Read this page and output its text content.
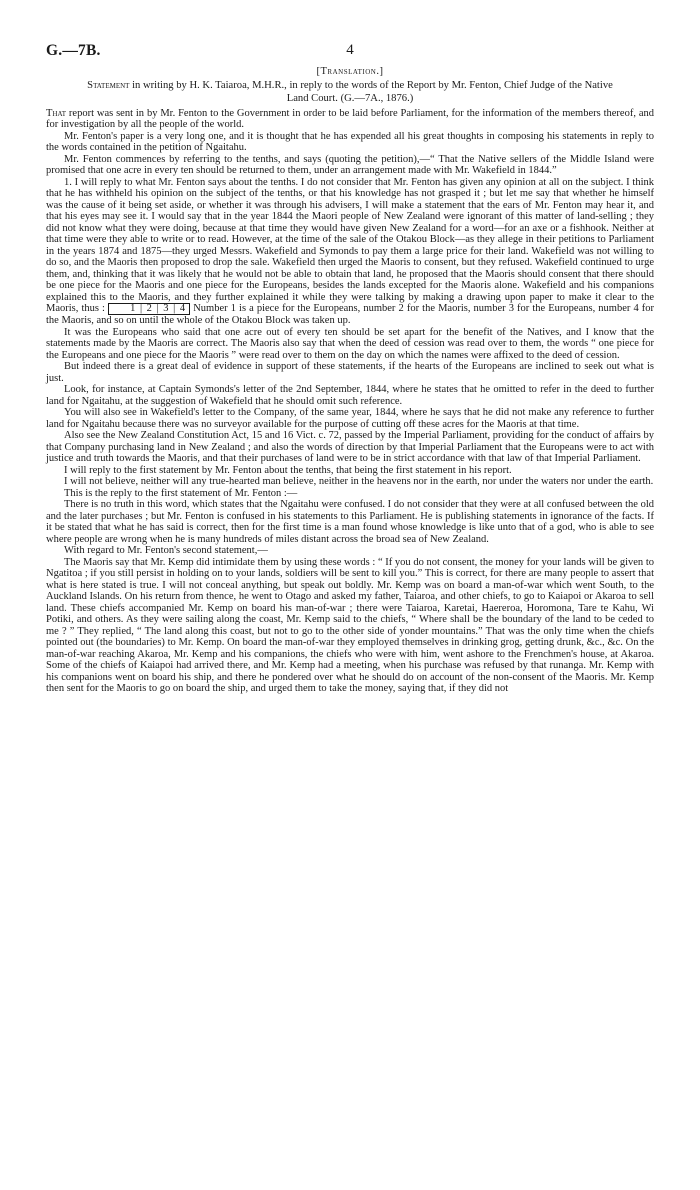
G.—7B.	4
[Translation.]
Statement in writing by H. K. Taiaroa, M.H.R., in reply to the words of the Report by Mr. Fenton, Chief Judge of the Native Land Court. (G.—7A., 1876.)

That report was sent in by Mr. Fenton to the Government in order to be laid before Parliament, for the information of the members thereof, and for investigation by all the people of the world.

Mr. Fenton's paper is a very long one, and it is thought that he has expended all his great thoughts in composing his statements in reply to the words contained in the petition of Ngaitahu.

Mr. Fenton commences by referring to the tenths, and says (quoting the petition),—“ That the Native sellers of the Middle Island were promised that one acre in every ten should be returned to them, under an arrangement made with Mr. Wakefield in 1844.”

1. I will reply to what Mr. Fenton says about the tenths. I do not consider that Mr. Fenton has given any opinion at all on the subject. I think that he has withheld his opinion on the subject of the tenths, or that his knowledge has not grasped it ; but let me say that whether he himself was the cause of it being set aside, or whether it was through his advisers, I will make a statement that the ears of Mr. Fenton may hear it, and that his eyes may see it. I would say that in the year 1844 the Maori people of New Zealand were ignorant of this matter of land-selling ; they did not know what they were doing, because at that time they would have given New Zealand for a word—for an axe or a fishhook. Neither at that time were they able to write or to read. However, at the time of the sale of the Otakou Block—as they allege in their petitions to Parliament in the years 1874 and 1875—they urged Messrs. Wakefield and Symonds to pay them a large price for their land. Wakefield was not willing to do so, and the Maoris then proposed to drop the sale. Wakefield then urged the Maoris to consent, but they refused. Wakefield continued to urge them, and, thinking that it was likely that he would not be able to obtain that land, he proposed that the Maoris should consent that there should be one piece for the Maoris and one piece for the Europeans, besides the lands excepted for the Maoris alone. Wakefield and his companions explained this to the Maoris, and they further explained it while they were talking by making a drawing upon paper to make it clear to the Maoris, thus : 1 | 2 | 3 | 4 Number 1 is a piece for the Europeans, number 2 for the Maoris, number 3 for the Europeans, number 4 for the Maoris, and so on until the whole of the Otakou Block was taken up.

It was the Europeans who said that one acre out of every ten should be set apart for the benefit of the Natives, and I know that the statements made by the Maoris are correct. The Maoris also say that when the deed of cession was read over to them, the words “ one piece for the Europeans and one piece for the Maoris ” were read over to them on the day on which the names were affixed to the deed of cession.

But indeed there is a great deal of evidence in support of these statements, if the hearts of the Europeans are inclined to seek out what is just.

Look, for instance, at Captain Symonds's letter of the 2nd September, 1844, where he states that he omitted to refer in the deed to further land for Ngaitahu, at the suggestion of Wakefield that he should omit such reference.

You will also see in Wakefield's letter to the Company, of the same year, 1844, where he says that he did not make any reference to further land for Ngaitahu because there was no surveyor available for the purpose of cutting off these acres for the Maoris at that time.

Also see the New Zealand Constitution Act, 15 and 16 Vict. c. 72, passed by the Imperial Parliament, providing for the conduct of affairs by that Company purchasing land in New Zealand ; and also the words of direction by that Imperial Parliament that the Europeans were to act with justice and truth towards the Maoris, and that their purchases of land were to be in strict accordance with that law of that Imperial Parliament.

I will reply to the first statement by Mr. Fenton about the tenths, that being the first statement in his report.

I will not believe, neither will any true-hearted man believe, neither in the heavens nor in the earth, nor under the waters nor under the earth.

This is the reply to the first statement of Mr. Fenton :—

There is no truth in this word, which states that the Ngaitahu were confused. I do not consider that they were at all confused between the old and the later purchases ; but Mr. Fenton is confused in his statements to this Parliament. He is publishing statements in ignorance of the facts. If it be stated that what he has said is correct, then for the first time is a man found whose knowledge is like unto that of a god, who is able to see where people are wrong when he is many hundreds of miles distant across the broad sea of New Zealand.

With regard to Mr. Fenton's second statement,—

The Maoris say that Mr. Kemp did intimidate them by using these words : “ If you do not consent, the money for your lands will be given to Ngatitoa ; if you still persist in holding on to your lands, soldiers will be sent to kill you.” This is correct, for there are many people to assert that what is here stated is true. I will not conceal anything, but speak out boldly. Mr. Kemp was on board a man-of-war which went South, to the Auckland Islands. On his return from thence, he went to Otago and asked my father, Taiaroa, and other chiefs, to go to Kaiapoi or Akaroa to sell land. These chiefs accompanied Mr. Kemp on board his man-of-war ; there were Taiaroa, Karetai, Haereroa, Horomona, Tare te Kahu, Wi Potiki, and others. As they were sailing along the coast, Mr. Kemp said to the chiefs, “ Where shall be the boundary of the land to be ceded to me ? ” They replied, “ The land along this coast, but not to go to the other side of yonder mountains.” That was the only time when the chiefs pointed out (the boundaries) to Mr. Kemp. On board the man-of-war they employed themselves in drinking grog, getting drunk, &c., &c. On the man-of-war reaching Akaroa, Mr. Kemp and his companions, the chiefs who were with him, went ashore to the Frenchmen's house, at Akaroa. Some of the chiefs of Kaiapoi had arrived there, and Mr. Kemp had a meeting, when his purchase was refused by that runanga. Mr. Kemp with his companions went on board his ship, and there he pondered over what he should do on account of the non-consent of the Maoris. Mr. Kemp then sent for the Maoris to go on board the ship, and urged them to take the money, saying that, if they did not
